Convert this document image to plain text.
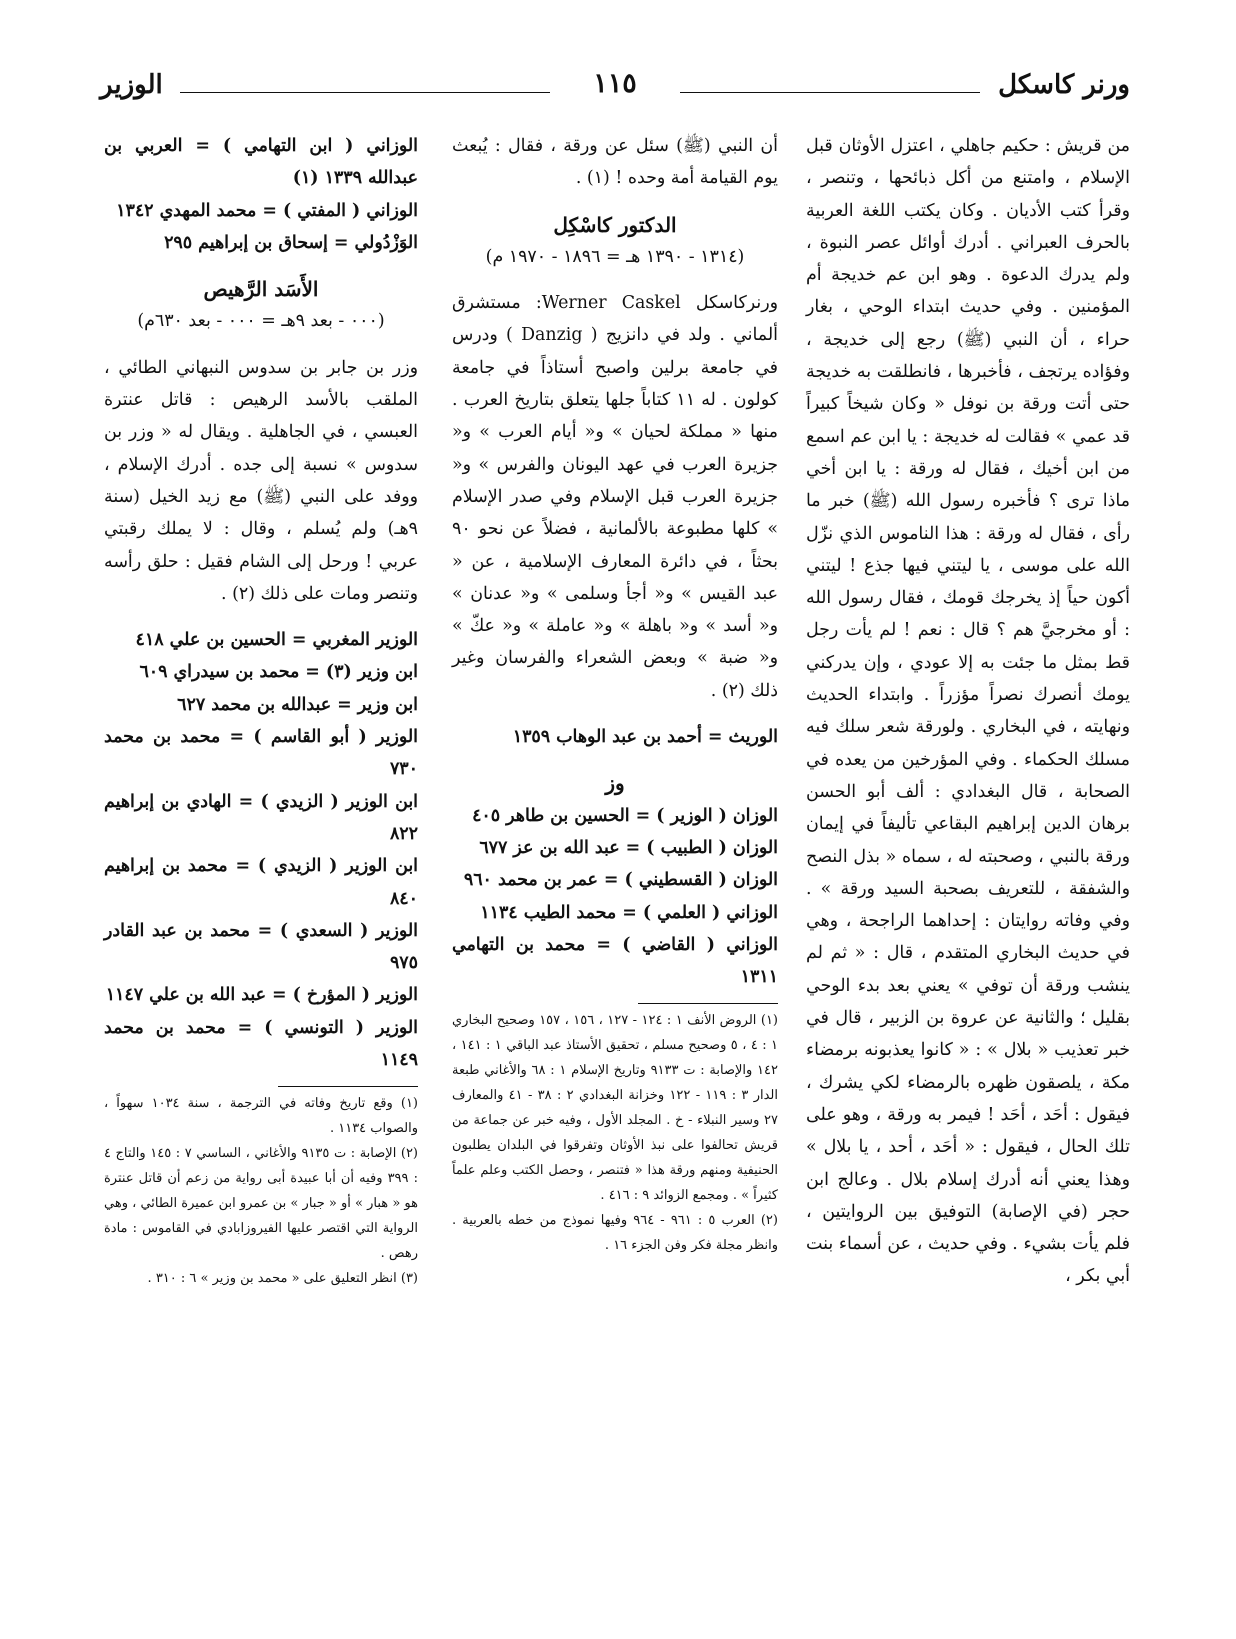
ورنر كاسكل
١١٥
الوزير

من قريش : حكيم جاهلي ، اعتزل الأوثان قبل الإسلام ، وامتنع من أكل ذبائحها ، وتنصر ، وقرأ كتب الأديان . وكان يكتب اللغة العربية بالحرف العبراني . أدرك أوائل عصر النبوة ، ولم يدرك الدعوة . وهو ابن عم خديجة أم المؤمنين . وفي حديث ابتداء الوحي ، بغار حراء ، أن النبي (ﷺ) رجع إلى خديجة ، وفؤاده يرتجف ، فأخبرها ، فانطلقت به خديجة حتى أتت ورقة بن نوفل « وكان شيخاً كبيراً قد عمي » فقالت له خديجة : يا ابن عم اسمع من ابن أخيك ، فقال له ورقة : يا ابن أخي ماذا ترى ؟ فأخبره رسول الله (ﷺ) خبر ما رأى ، فقال له ورقة : هذا الناموس الذي نزّل الله على موسى ، يا ليتني فيها جذع ! ليتني أكون حياً إذ يخرجك قومك ، فقال رسول الله : أو مخرجيَّ هم ؟ قال : نعم ! لم يأت رجل قط بمثل ما جئت به إلا عودي ، وإن يدركني يومك أنصرك نصراً مؤزراً . وابتداء الحديث ونهايته ، في البخاري . ولورقة شعر سلك فيه مسلك الحكماء . وفي المؤرخين من يعده في الصحابة ، قال البغدادي : ألف أبو الحسن برهان الدين إبراهيم البقاعي تأليفاً في إيمان ورقة بالنبي ، وصحبته له ، سماه « بذل النصح والشفقة ، للتعريف بصحبة السيد ورقة » . وفي وفاته روايتان : إحداهما الراجحة ، وهي في حديث البخاري المتقدم ، قال : « ثم لم ينشب ورقة أن توفي » يعني بعد بدء الوحي بقليل ؛ والثانية عن عروة بن الزبير ، قال في خبر تعذيب « بلال » : « كانوا يعذبونه برمضاء مكة ، يلصقون ظهره بالرمضاء لكي يشرك ، فيقول : أحَد ، أحَد ! فيمر به ورقة ، وهو على تلك الحال ، فيقول : « أحَد ، أحد ، يا بلال » وهذا يعني أنه أدرك إسلام بلال . وعالج ابن حجر (في الإصابة) التوفيق بين الروايتين ، فلم يأت بشيء . وفي حديث ، عن أسماء بنت أبي بكر ،

أن النبي (ﷺ) سئل عن ورقة ، فقال : يُبعث يوم القيامة أمة وحده ! (١) .

الدكتور كاسْكِل

(١٣١٤ - ١٣٩٠ هـ = ١٨٩٦ - ١٩٧٠ م)

ورنركاسكل Werner Caskel: مستشرق ألماني . ولد في دانزيج ( Danzig ) ودرس في جامعة برلين واصبح أستاذاً في جامعة كولون . له ١١ كتاباً جلها يتعلق بتاريخ العرب . منها « مملكة لحيان » و« أيام العرب » و« جزيرة العرب في عهد اليونان والفرس » و« جزيرة العرب قبل الإسلام وفي صدر الإسلام » كلها مطبوعة بالألمانية ، فضلاً عن نحو ٩٠ بحثاً ، في دائرة المعارف الإسلامية ، عن « عبد القيس » و« أجأ وسلمى » و« عدنان » و« أسد » و« باهلة » و« عاملة » و« عكّ » و« ضبة » وبعض الشعراء والفرسان وغير ذلك (٢) .

الوريث = أحمد بن عبد الوهاب ١٣٥٩

وز

الوزان ( الوزير ) = الحسين بن طاهر ٤٠٥

الوزان ( الطبيب ) = عبد الله بن عز ٦٧٧

الوزان ( القسطيني ) = عمر بن محمد ٩٦٠

الوزاني ( العلمي ) = محمد الطيب ١١٣٤

الوزاني ( القاضي ) = محمد بن التهامي ١٣١١

(١) الروض الأنف ١ : ١٢٤ - ١٢٧ ، ١٥٦ ، ١٥٧ وصحيح البخاري ١ : ٤ ، ٥ وصحيح مسلم ، تحقيق الأستاذ عبد الباقي ١ : ١٤١ ، ١٤٢ والإصابة : ت ٩١٣٣ وتاريخ الإسلام ١ : ٦٨ والأغاني طبعة الدار ٣ : ١١٩ - ١٢٢ وخزانة البغدادي ٢ : ٣٨ - ٤١ والمعارف ٢٧ وسير النبلاء - خ . المجلد الأول ، وفيه خبر عن جماعة من قريش تحالفوا على نبذ الأوثان وتفرقوا في البلدان يطلبون الحنيفية ومنهم ورقة هذا « فتنصر ، وحصل الكتب وعلم علماً كثيراً » . ومجمع الزوائد ٩ : ٤١٦ .

(٢) العرب ٥ : ٩٦١ - ٩٦٤ وفيها نموذج من خطه بالعربية . وانظر مجلة فكر وفن الجزء ١٦ .

الوزاني ( ابن التهامي ) = العربي بن عبدالله ١٣٣٩ (١)

الوزاني ( المفتي ) = محمد المهدي ١٣٤٢

الوَزْدُولي = إسحاق بن إبراهيم ٢٩٥

الأَسَد الرَّهيص

(٠٠٠ - بعد ٩هـ = ٠٠٠ - بعد ٦٣٠م)

وزر بن جابر بن سدوس النبهاني الطائي ، الملقب بالأسد الرهيص : قاتل عنترة العبسي ، في الجاهلية . ويقال له « وزر بن سدوس » نسبة إلى جده . أدرك الإسلام ، ووفد على النبي (ﷺ) مع زيد الخيل (سنة ٩هـ) ولم يُسلم ، وقال : لا يملك رقبتي عربي ! ورحل إلى الشام فقيل : حلق رأسه وتنصر ومات على ذلك (٢) .

الوزير المغربي = الحسين بن علي ٤١٨

ابن وزير (٣) = محمد بن سيدراي ٦٠٩

ابن وزير = عبدالله بن محمد ٦٢٧

الوزير ( أبو القاسم ) = محمد بن محمد ٧٣٠

ابن الوزير ( الزيدي ) = الهادي بن إبراهيم ٨٢٢

ابن الوزير ( الزيدي ) = محمد بن إبراهيم ٨٤٠

الوزير ( السعدي ) = محمد بن عبد القادر ٩٧٥

الوزير ( المؤرخ ) = عبد الله بن علي ١١٤٧

الوزير ( التونسي ) = محمد بن محمد ١١٤٩

(١) وقع تاريخ وفاته في الترجمة ، سنة ١٠٣٤ سهواً ، والصواب ١١٣٤ .

(٢) الإصابة : ت ٩١٣٥ والأغاني ، الساسي ٧ : ١٤٥ والتاج ٤ : ٣٩٩ وفيه أن أبا عبيدة أبى رواية من زعم أن قاتل عنترة هو « هبار » أو « جبار » بن عمرو ابن عميرة الطائي ، وهي الرواية التي اقتصر عليها الفيروزابادي في القاموس : مادة رهص .

(٣) انظر التعليق على « محمد بن وزير » ٦ : ٣١٠ .
